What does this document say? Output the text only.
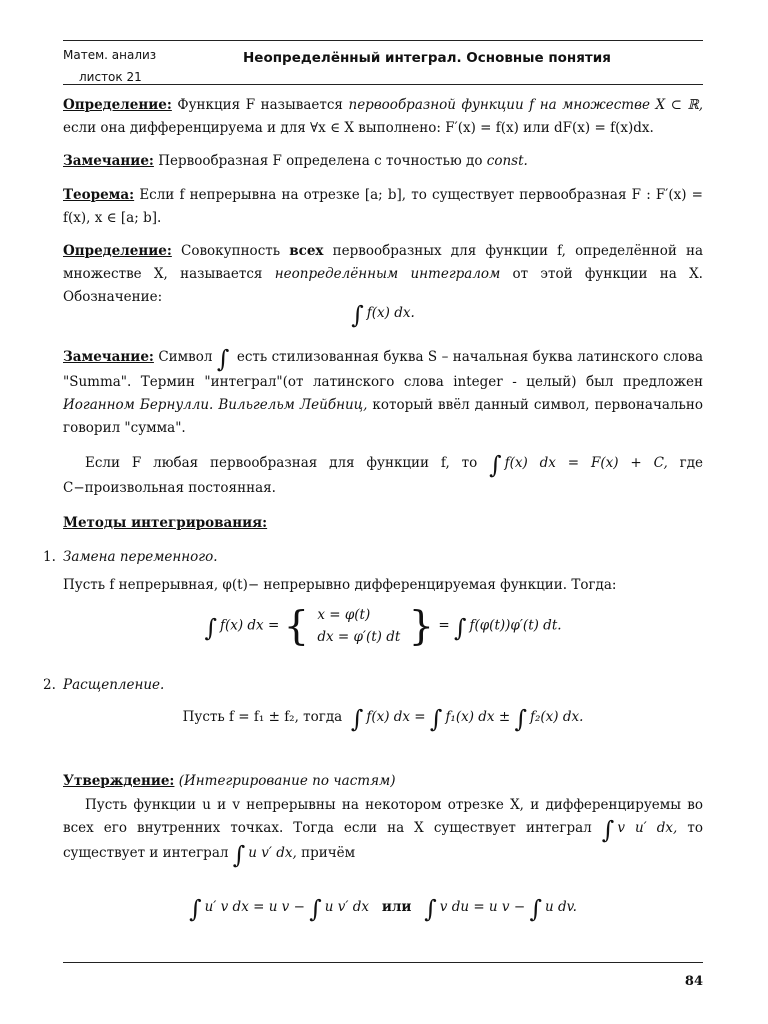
Матем. анализ
листок 21
Неопределённый интеграл. Основные понятия
Определение: Функция F называется первообразной функции f на множестве X ⊂ ℝ, если она дифференцируема и для ∀x ∈ X выполнено: F′(x) = f(x) или dF(x) = f(x)dx.
Замечание: Первообразная F определена с точностью до const.
Теорема: Если f непрерывна на отрезке [a; b], то существует первообразная F : F′(x) = f(x), x ∈ [a; b].
Определение: Совокупность всех первообразных для функции f, определённой на множестве X, называется неопределённым интегралом от этой функции на X. Обозначение:
∫ f(x) dx.
Замечание: Символ ∫ есть стилизованная буква S – начальная буква латинского слова "Summa". Термин "интеграл"(от латинского слова integer - целый) был предложен Иоганном Бернулли. Вильгельм Лейбниц, который ввёл данный символ, первоначально говорил "сумма".
Если F любая первообразная для функции f, то ∫ f(x) dx = F(x) + C, где C−произвольная постоянная.
Методы интегрирования:
1. Замена переменного.
Пусть f непрерывная, φ(t)− непрерывно дифференцируемая функции. Тогда:
∫ f(x) dx = { x = φ(t)
dx = φ′(t) dt } = ∫ f(φ(t))φ′(t) dt.
2. Расщепление.
Пусть f = f₁ ± f₂, тогда ∫ f(x) dx = ∫ f₁(x) dx ± ∫ f₂(x) dx.
Утверждение: (Интегрирование по частям)
Пусть функции u и v непрерывны на некотором отрезке X, и дифференцируемы во всех его внутренних точках. Тогда если на X существует интеграл ∫ v u′ dx, то существует и интеграл ∫ u v′ dx, причём
∫ u′ v dx = u v − ∫ u v′ dx или ∫ v du = u v − ∫ u dv.
84
